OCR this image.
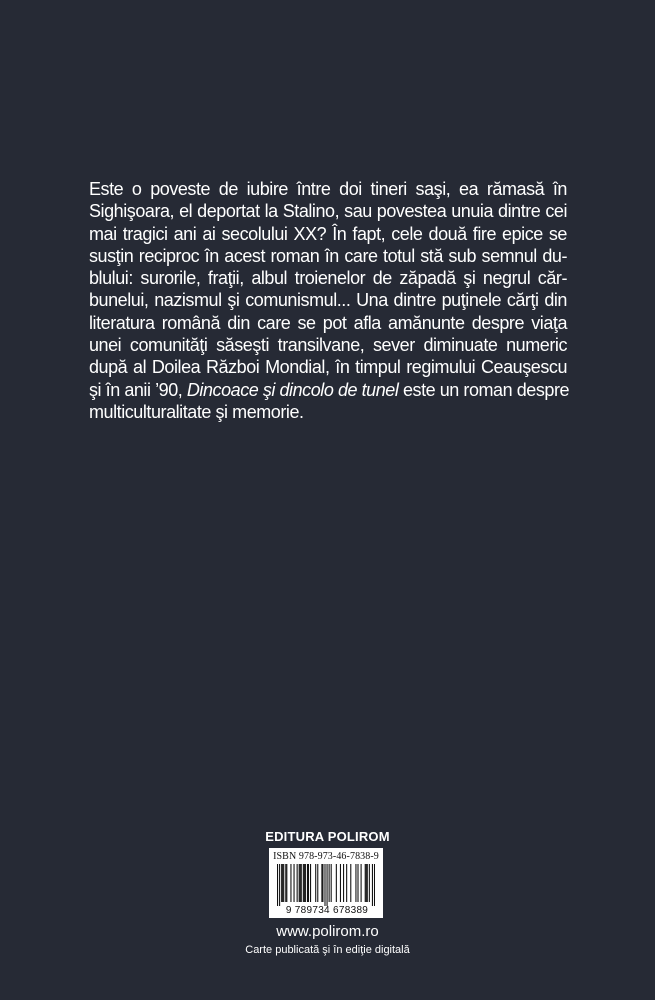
Este o poveste de iubire între doi tineri saşi, ea rămasă în
Sighişoara, el deportat la Stalino, sau povestea unuia dintre cei
mai tragici ani ai secolului XX? În fapt, cele două fire epice se
susţin reciproc în acest roman în care totul stă sub semnul du-
blului: surorile, fraţii, albul troienelor de zăpadă şi negrul căr-
bunelui, nazismul şi comunismul... Una dintre puţinele cărţi din
literatura română din care se pot afla amănunte despre viaţa
unei comunităţi săseşti transilvane, sever diminuate numeric
după al Doilea Război Mondial, în timpul regimului Ceauşescu
şi în anii ’90, Dincoace şi dincolo de tunel este un roman despre
multiculturalitate şi memorie.
EDITURA POLIROM
ISBN 978-973-46-7838-9
9 789734 678389
www.polirom.ro
Carte publicată şi în ediţie digitală
